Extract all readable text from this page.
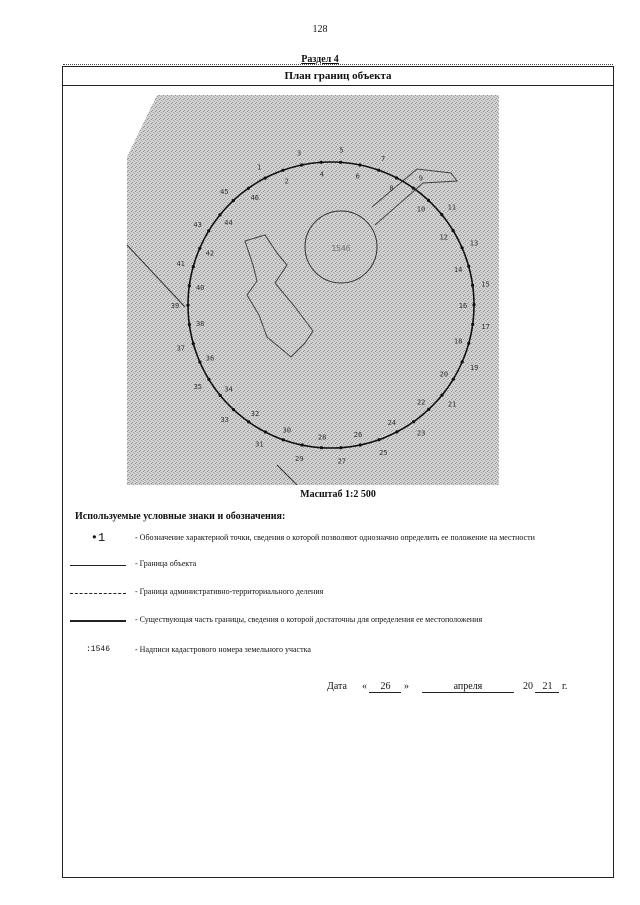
128
Раздел 4
План границ объекта
1546
1
2
3
4
5
6
7
8
9
10	11
12
13
14
15
16
17
18
19
20
21
22
23
24
25
26
27
28
29
30
31
32
33
34
35
36
37
38
39
40
41
42
43	44
45
46
Масштаб 1:2 500
Используемые условные знаки и обозначения:
•1	- Обозначение характерной точки, сведения о которой позволяют однозначно определить ее положение на местности
- Граница объекта
- Граница административно-территориального деления
- Существующая часть границы, сведения о которой достаточны для определения ее местоположения
:1546	- Надписи кадастрового номера земельного участка
Дата « 26 »	апреля	20 21 г.
